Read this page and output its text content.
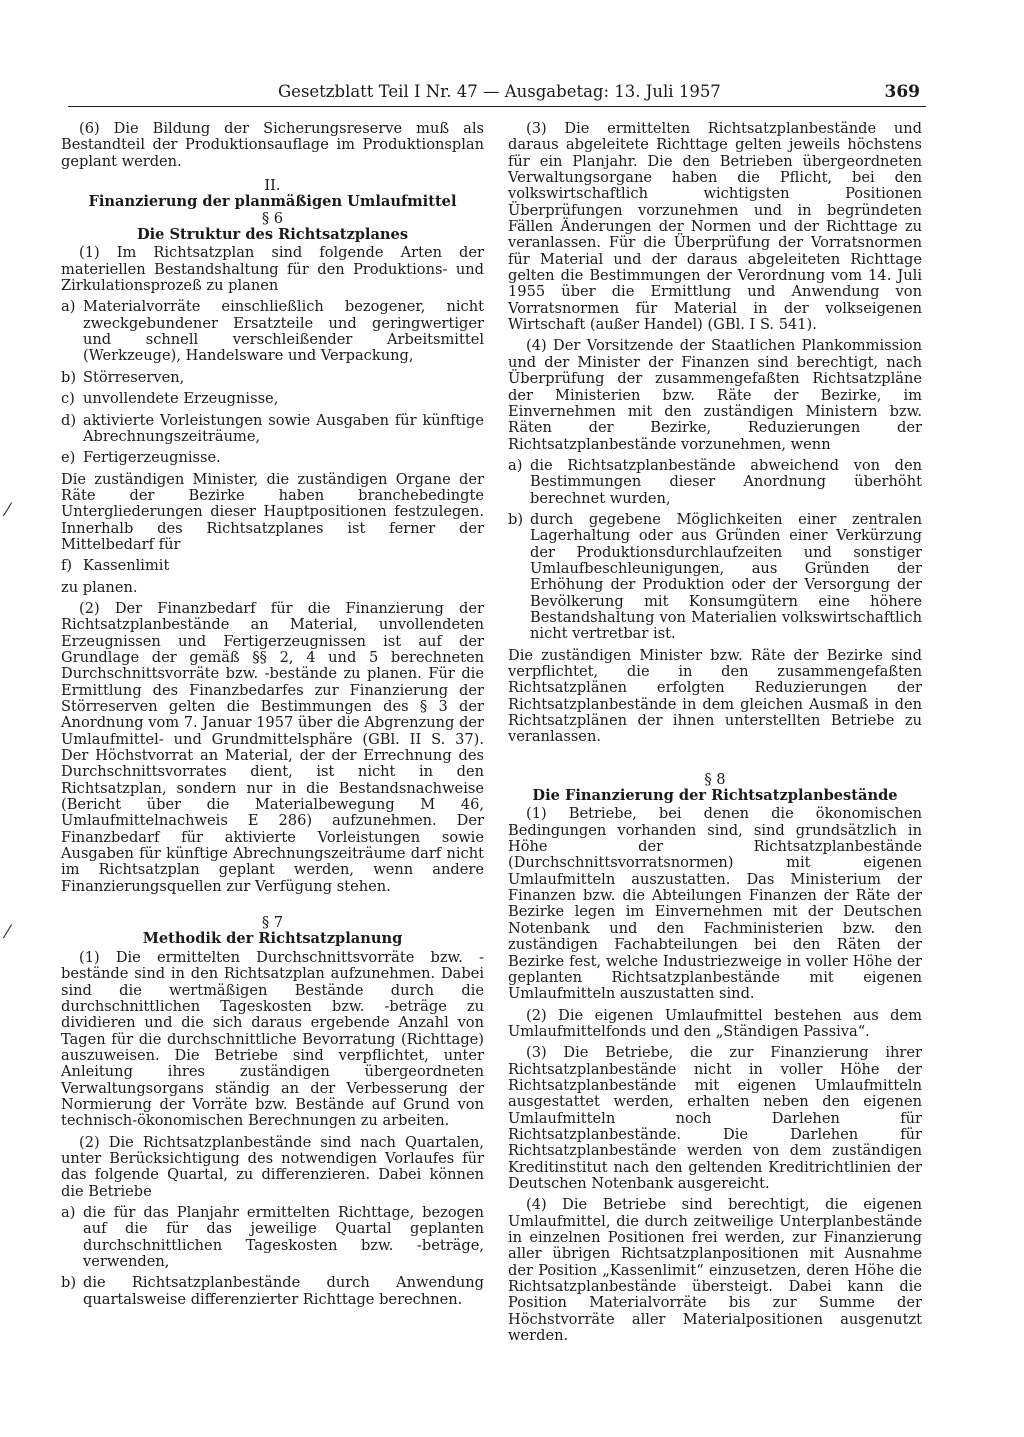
Gesetzblatt Teil I Nr. 47 — Ausgabetag: 13. Juli 1957	369
⁄
⁄

(6) Die Bildung der Sicherungsreserve muß als Bestandteil der Produktionsauflage im Produktionsplan geplant werden.

II.

Finanzierung der planmäßigen Umlaufmittel

§ 6

Die Struktur des Richtsatzplanes

(1) Im Richtsatzplan sind folgende Arten der materiellen Bestandshaltung für den Produktions- und Zirkulationsprozeß zu planen

a) Materialvorräte einschließlich bezogener, nicht zweckgebundener Ersatzteile und geringwertiger und schnell verschleißender Arbeitsmittel (Werkzeuge), Handelsware und Verpackung,
b) Störreserven,
c) unvollendete Erzeugnisse,
d) aktivierte Vorleistungen sowie Ausgaben für künftige Abrechnungszeiträume,
e) Fertigerzeugnisse.

Die zuständigen Minister, die zuständigen Organe der Räte der Bezirke haben branchebedingte Untergliederungen dieser Hauptpositionen festzulegen. Innerhalb des Richtsatzplanes ist ferner der Mittelbedarf für

f) Kassenlimit

zu planen.

(2) Der Finanzbedarf für die Finanzierung der Richtsatzplanbestände an Material, unvollendeten Erzeugnissen und Fertigerzeugnissen ist auf der Grundlage der gemäß §§ 2, 4 und 5 berechneten Durchschnittsvorräte bzw. -bestände zu planen. Für die Ermittlung des Finanzbedarfes zur Finanzierung der Störreserven gelten die Bestimmungen des § 3 der Anordnung vom 7. Januar 1957 über die Abgrenzung der Umlaufmittel- und Grundmittelsphäre (GBl. II S. 37). Der Höchstvorrat an Material, der der Errechnung des Durchschnittsvorrates dient, ist nicht in den Richtsatzplan, sondern nur in die Bestandsnachweise (Bericht über die Materialbewegung M 46, Umlaufmittelnachweis E 286) aufzunehmen. Der Finanzbedarf für aktivierte Vorleistungen sowie Ausgaben für künftige Abrechnungszeiträume darf nicht im Richtsatzplan geplant werden, wenn andere Finanzierungsquellen zur Verfügung stehen.

§ 7

Methodik der Richtsatzplanung

(1) Die ermittelten Durchschnittsvorräte bzw. -bestände sind in den Richtsatzplan aufzunehmen. Dabei sind die wertmäßigen Bestände durch die durchschnittlichen Tageskosten bzw. -beträge zu dividieren und die sich daraus ergebende Anzahl von Tagen für die durchschnittliche Bevorratung (Richttage) auszuweisen. Die Betriebe sind verpflichtet, unter Anleitung ihres zuständigen übergeordneten Verwaltungsorgans ständig an der Verbesserung der Normierung der Vorräte bzw. Bestände auf Grund von technisch-ökonomischen Berechnungen zu arbeiten.

(2) Die Richtsatzplanbestände sind nach Quartalen, unter Berücksichtigung des notwendigen Vorlaufes für das folgende Quartal, zu differenzieren. Dabei können die Betriebe

a) die für das Planjahr ermittelten Richttage, bezogen auf die für das jeweilige Quartal geplanten durchschnittlichen Tageskosten bzw. -beträge, verwenden,
b) die Richtsatzplanbestände durch Anwendung quartalsweise differenzierter Richttage berechnen.

(3) Die ermittelten Richtsatzplanbestände und daraus abgeleitete Richttage gelten jeweils höchstens für ein Planjahr. Die den Betrieben übergeordneten Verwaltungsorgane haben die Pflicht, bei den volkswirtschaftlich wichtigsten Positionen Überprüfungen vorzunehmen und in begründeten Fällen Änderungen der Normen und der Richttage zu veranlassen. Für die Überprüfung der Vorratsnormen für Material und der daraus abgeleiteten Richttage gelten die Bestimmungen der Verordnung vom 14. Juli 1955 über die Ermittlung und Anwendung von Vorratsnormen für Material in der volkseigenen Wirtschaft (außer Handel) (GBl. I S. 541).

(4) Der Vorsitzende der Staatlichen Plankommission und der Minister der Finanzen sind berechtigt, nach Überprüfung der zusammengefaßten Richtsatzpläne der Ministerien bzw. Räte der Bezirke, im Einvernehmen mit den zuständigen Ministern bzw. Räten der Bezirke, Reduzierungen der Richtsatzplanbestände vorzunehmen, wenn

a) die Richtsatzplanbestände abweichend von den Bestimmungen dieser Anordnung überhöht berechnet wurden,
b) durch gegebene Möglichkeiten einer zentralen Lagerhaltung oder aus Gründen einer Verkürzung der Produktionsdurchlaufzeiten und sonstiger Umlaufbeschleunigungen, aus Gründen der Erhöhung der Produktion oder der Versorgung der Bevölkerung mit Konsumgütern eine höhere Bestandshaltung von Materialien volkswirtschaftlich nicht vertretbar ist.

Die zuständigen Minister bzw. Räte der Bezirke sind verpflichtet, die in den zusammengefaßten Richtsatzplänen erfolgten Reduzierungen der Richtsatzplanbestände in dem gleichen Ausmaß in den Richtsatzplänen der ihnen unterstellten Betriebe zu veranlassen.

§ 8

Die Finanzierung der Richtsatzplanbestände

(1) Betriebe, bei denen die ökonomischen Bedingungen vorhanden sind, sind grundsätzlich in Höhe der Richtsatzplanbestände (Durchschnittsvorratsnormen) mit eigenen Umlaufmitteln auszustatten. Das Ministerium der Finanzen bzw. die Abteilungen Finanzen der Räte der Bezirke legen im Einvernehmen mit der Deutschen Notenbank und den Fachministerien bzw. den zuständigen Fachabteilungen bei den Räten der Bezirke fest, welche Industriezweige in voller Höhe der geplanten Richtsatzplanbestände mit eigenen Umlaufmitteln auszustatten sind.

(2) Die eigenen Umlaufmittel bestehen aus dem Umlaufmittelfonds und den „Ständigen Passiva“.

(3) Die Betriebe, die zur Finanzierung ihrer Richtsatzplanbestände nicht in voller Höhe der Richtsatzplanbestände mit eigenen Umlaufmitteln ausgestattet werden, erhalten neben den eigenen Umlaufmitteln noch Darlehen für Richtsatzplanbestände. Die Darlehen für Richtsatzplanbestände werden von dem zuständigen Kreditinstitut nach den geltenden Kreditrichtlinien der Deutschen Notenbank ausgereicht.

(4) Die Betriebe sind berechtigt, die eigenen Umlaufmittel, die durch zeitweilige Unterplanbestände in einzelnen Positionen frei werden, zur Finanzierung aller übrigen Richtsatzplanpositionen mit Ausnahme der Position „Kassenlimit“ einzusetzen, deren Höhe die Richtsatzplanbestände übersteigt. Dabei kann die Position Materialvorräte bis zur Summe der Höchstvorräte aller Materialpositionen ausgenutzt werden.
